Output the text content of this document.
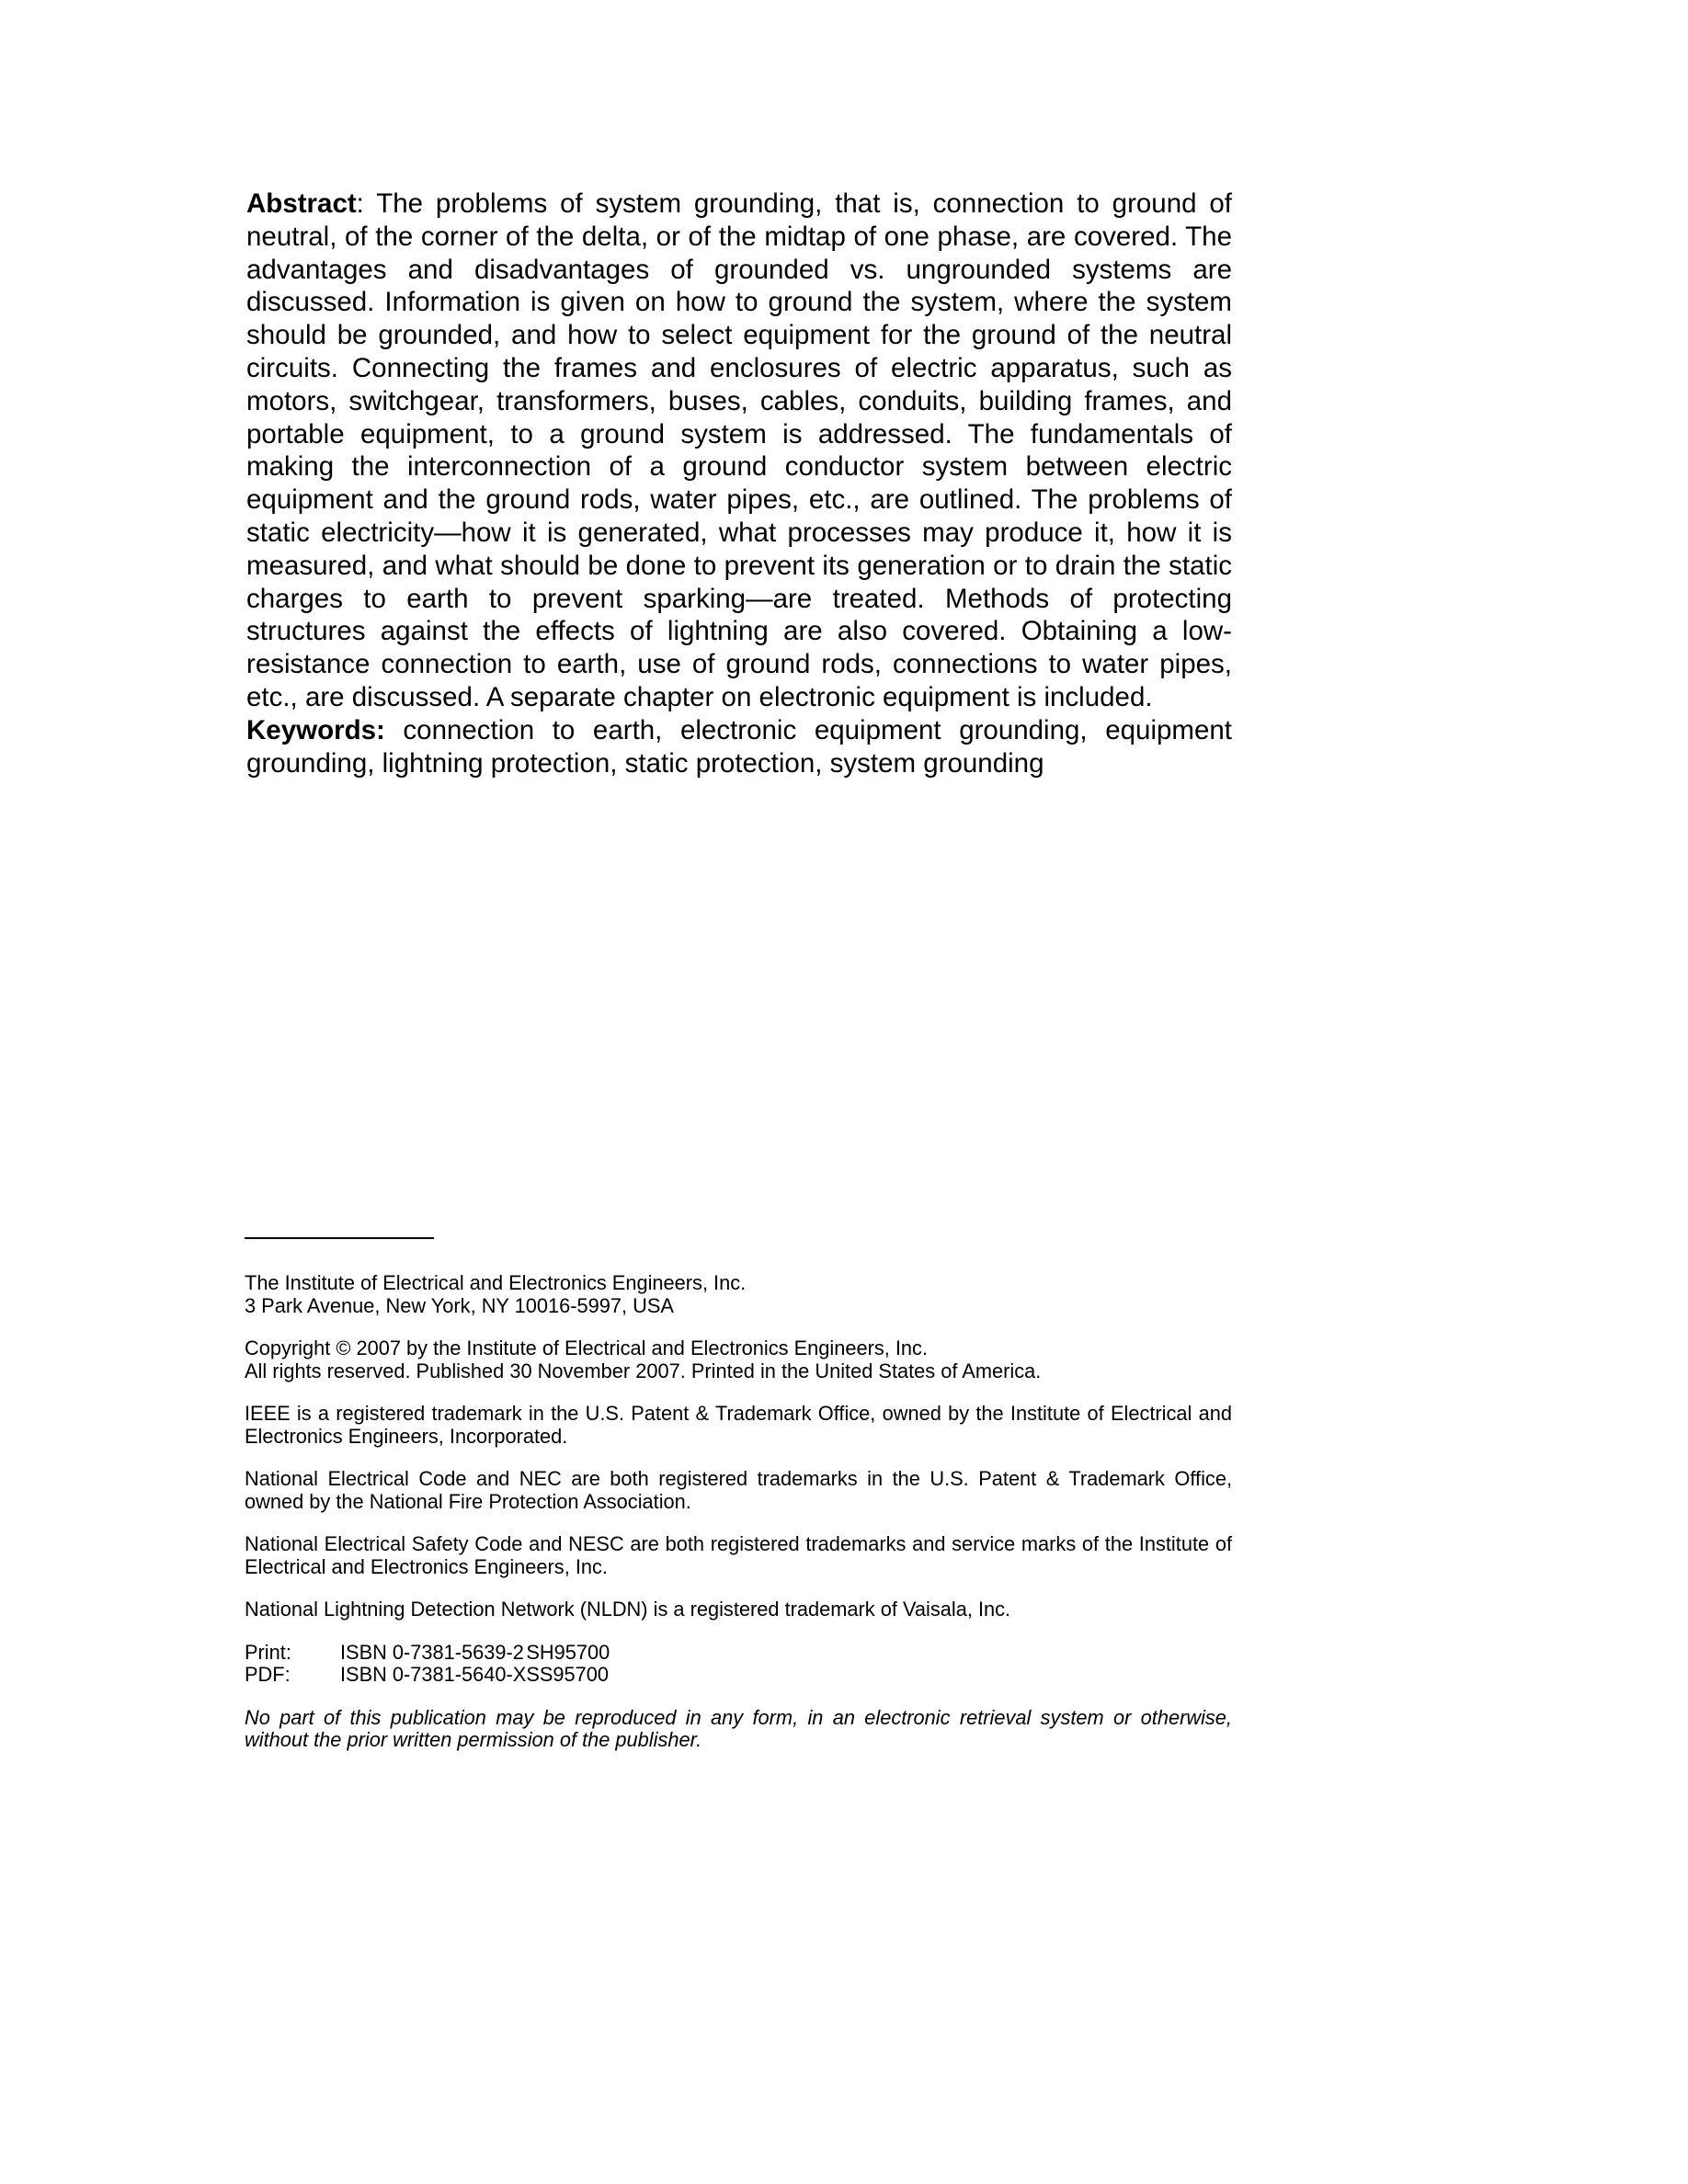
Abstract: The problems of system grounding, that is, connection to ground of neutral, of the corner of the delta, or of the midtap of one phase, are covered. The advantages and disadvantages of grounded vs. ungrounded systems are discussed. Information is given on how to ground the system, where the system should be grounded, and how to select equipment for the ground of the neutral circuits. Connecting the frames and enclosures of electric apparatus, such as motors, switchgear, transformers, buses, cables, conduits, building frames, and portable equipment, to a ground system is addressed. The fundamentals of making the interconnection of a ground conductor system between electric equipment and the ground rods, water pipes, etc., are outlined. The problems of static electricity—how it is generated, what processes may produce it, how it is measured, and what should be done to prevent its generation or to drain the static charges to earth to prevent sparking—are treated. Methods of protecting structures against the effects of lightning are also covered. Obtaining a low-resistance connection to earth, use of ground rods, connections to water pipes, etc., are discussed. A separate chapter on electronic equipment is included.

Keywords: connection to earth, electronic equipment grounding, equipment grounding, lightning protection, static protection, system grounding

The Institute of Electrical and Electronics Engineers, Inc.
3 Park Avenue, New York, NY 10016-5997, USA
Copyright © 2007 by the Institute of Electrical and Electronics Engineers, Inc.
All rights reserved. Published 30 November 2007. Printed in the United States of America.

IEEE is a registered trademark in the U.S. Patent & Trademark Office, owned by the Institute of Electrical and Electronics Engineers, Incorporated.

National Electrical Code and NEC are both registered trademarks in the U.S. Patent & Trademark Office, owned by the National Fire Protection Association.

National Electrical Safety Code and NESC are both registered trademarks and service marks of the Institute of Electrical and Electronics Engineers, Inc.

National Lightning Detection Network (NLDN) is a registered trademark of Vaisala, Inc.

Print:	ISBN 0-7381-5639-2	SH95700
PDF:	ISBN 0-7381-5640-X	SS95700

No part of this publication may be reproduced in any form, in an electronic retrieval system or otherwise, without the prior written permission of the publisher.
